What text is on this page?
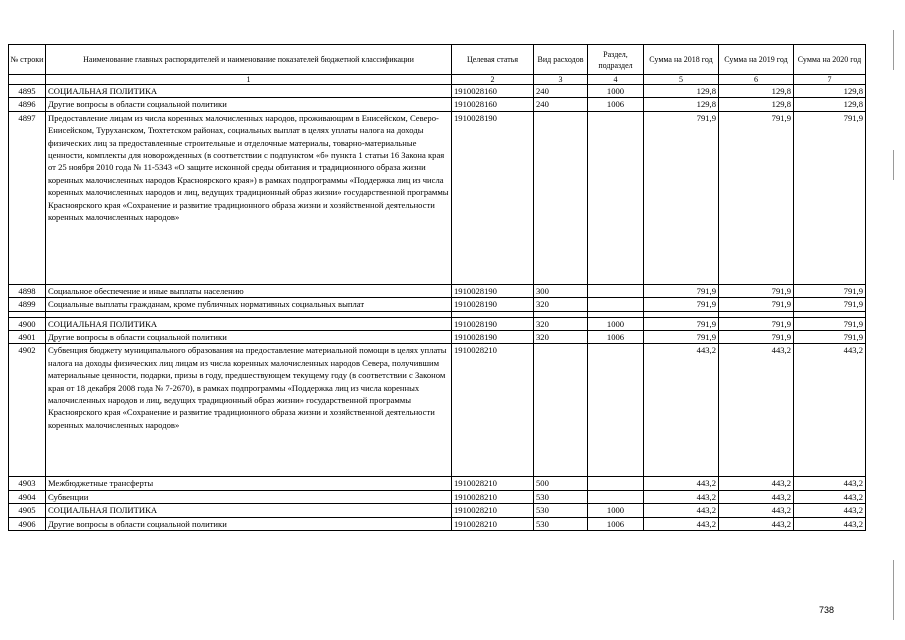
№ строки	Наименование главных распорядителей и наименование показателей бюджетной классификации	Целевая статья	Вид расходов	Раздел, подраздел	Сумма на 2018 год	Сумма на 2019 год	Сумма на 2020 год
	1	2	3	4	5	6	7
4895	СОЦИАЛЬНАЯ ПОЛИТИКА	1910028160	240	1000	129,8	129,8	129,8
4896	Другие вопросы в области социальной политики	1910028160	240	1006	129,8	129,8	129,8
4897	Предоставление лицам из числа коренных малочисленных народов, проживающим в Енисейском, Северо-Енисейском, Туруханском, Тюхтетском районах, социальных выплат в целях уплаты налога на доходы физических лиц за предоставленные строительные и отделочные материалы, товарно-материальные ценности, комплекты для новорожденных (в соответствии с подпунктом «б» пункта 1 статьи 16 Закона края от 25 ноября 2010 года № 11-5343 «О защите исконной среды обитания и традиционного образа жизни коренных малочисленных народов Красноярского края») в рамках подпрограммы «Поддержка лиц из числа коренных малочисленных народов и лиц, ведущих традиционный образ жизни» государственной программы Красноярского края «Сохранение и развитие традиционного образа жизни и хозяйственной деятельности коренных малочисленных народов»	1910028190			791,9	791,9	791,9
4898	Социальное обеспечение и иные выплаты населению	1910028190	300		791,9	791,9	791,9
4899	Социальные выплаты гражданам, кроме публичных нормативных социальных выплат	1910028190	320		791,9	791,9	791,9

4900	СОЦИАЛЬНАЯ ПОЛИТИКА	1910028190	320	1000	791,9	791,9	791,9
4901	Другие вопросы в области социальной политики	1910028190	320	1006	791,9	791,9	791,9
4902	Субвенция бюджету муниципального образования на предоставление материальной помощи в целях уплаты налога на доходы физических лиц лицам из числа коренных малочисленных народов Севера, получившим материальные ценности, подарки, призы в году, предшествующем текущему году (в соответствии с Законом края от 18 декабря 2008 года № 7-2670), в рамках подпрограммы «Поддержка лиц из числа коренных малочисленных народов и лиц, ведущих традиционный образ жизни» государственной программы Красноярского края «Сохранение и развитие традиционного образа жизни и хозяйственной деятельности коренных малочисленных народов»	1910028210			443,2	443,2	443,2
4903	Межбюджетные трансферты	1910028210	500		443,2	443,2	443,2
4904	Субвенции	1910028210	530		443,2	443,2	443,2
4905	СОЦИАЛЬНАЯ ПОЛИТИКА	1910028210	530	1000	443,2	443,2	443,2
4906	Другие вопросы в области социальной политики	1910028210	530	1006	443,2	443,2	443,2
738
